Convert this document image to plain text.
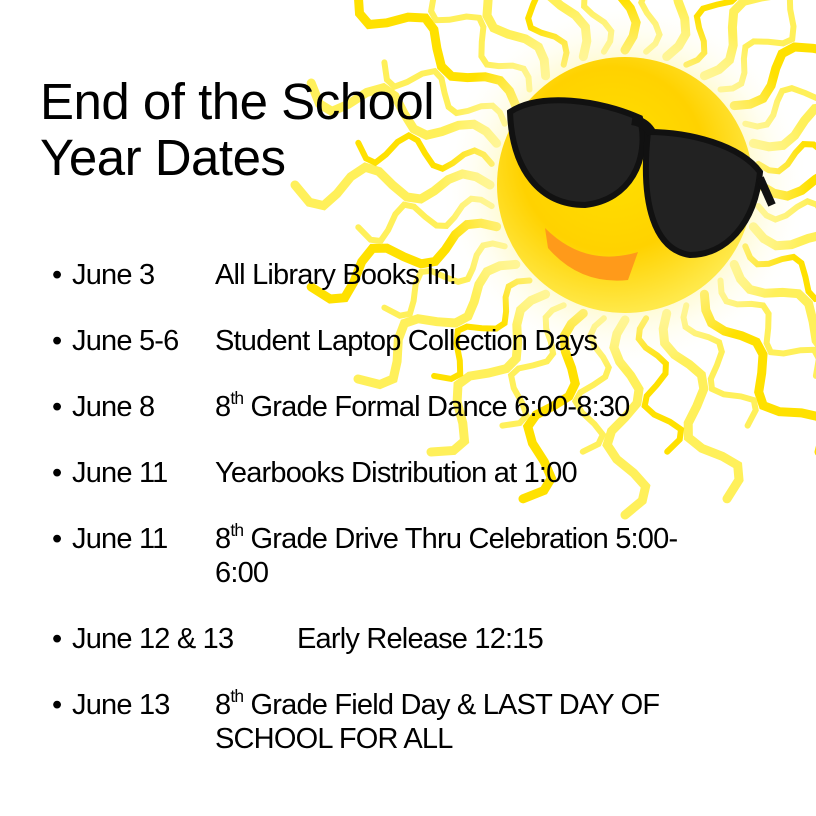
End of the School
Year Dates
• June 3	All Library Books In!
• June 5-6	Student Laptop Collection Days
• June 8	8th Grade Formal Dance 6:00-8:30
• June 11	Yearbooks Distribution at 1:00
• June 11	8th Grade Drive Thru Celebration 5:00-6:00
• June 12 & 13	Early Release 12:15
• June 13	8th Grade Field Day & LAST DAY OF SCHOOL FOR ALL
